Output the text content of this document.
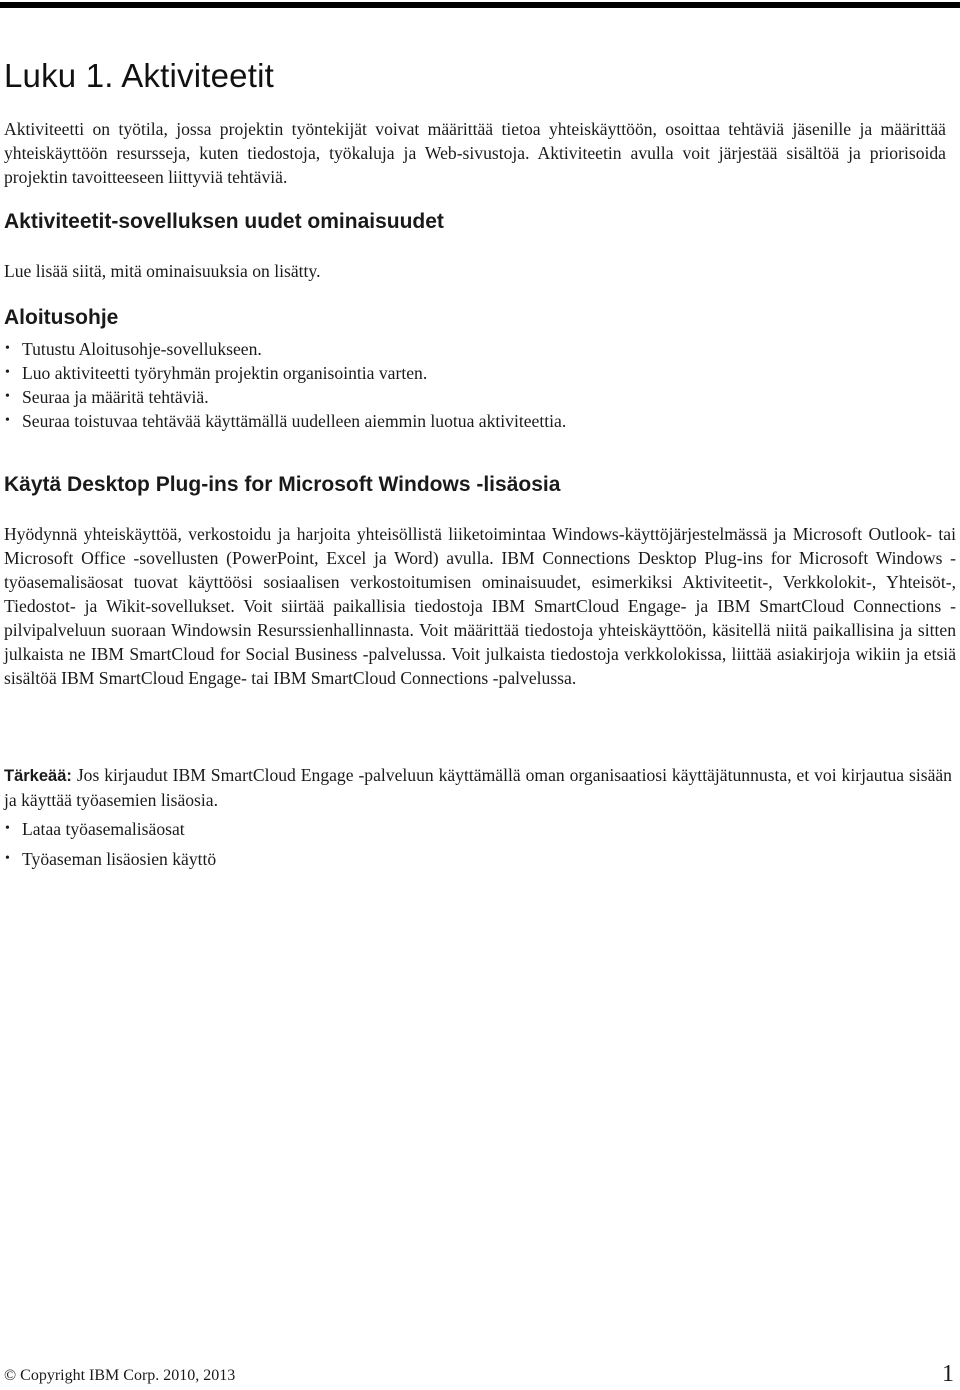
Luku 1. Aktiviteetit

Aktiviteetti on työtila, jossa projektin työntekijät voivat määrittää tietoa yhteiskäyttöön, osoittaa tehtäviä jäsenille ja määrittää yhteiskäyttöön resursseja, kuten tiedostoja, työkaluja ja Web-sivustoja. Aktiviteetin avulla voit järjestää sisältöä ja priorisoida projektin tavoitteeseen liittyviä tehtäviä.

Aktiviteetit-sovelluksen uudet ominaisuudet

Lue lisää siitä, mitä ominaisuuksia on lisätty.

Aloitusohje
• Tutustu Aloitusohje-sovellukseen.
• Luo aktiviteetti työryhmän projektin organisointia varten.
• Seuraa ja määritä tehtäviä.
• Seuraa toistuvaa tehtävää käyttämällä uudelleen aiemmin luotua aktiviteettia.
Käytä Desktop Plug-ins for Microsoft Windows -lisäosia

Hyödynnä yhteiskäyttöä, verkostoidu ja harjoita yhteisöllistä liiketoimintaa Windows-käyttöjärjestelmässä ja Microsoft Outlook- tai Microsoft Office -sovellusten (PowerPoint, Excel ja Word) avulla. IBM Connections Desktop Plug-ins for Microsoft Windows -työasemalisäosat tuovat käyttöösi sosiaalisen verkostoitumisen ominaisuudet, esimerkiksi Aktiviteetit-, Verkkolokit-, Yhteisöt-, Tiedostot- ja Wikit-sovellukset. Voit siirtää paikallisia tiedostoja IBM SmartCloud Engage- ja IBM SmartCloud Connections -pilvipalveluun suoraan Windowsin Resurssienhallinnasta. Voit määrittää tiedostoja yhteiskäyttöön, käsitellä niitä paikallisina ja sitten julkaista ne IBM SmartCloud for Social Business -palvelussa. Voit julkaista tiedostoja verkkolokissa, liittää asiakirjoja wikiin ja etsiä sisältöä IBM SmartCloud Engage- tai IBM SmartCloud Connections -palvelussa.

Tärkeää: Jos kirjaudut IBM SmartCloud Engage -palveluun käyttämällä oman organisaatiosi käyttäjätunnusta, et voi kirjautua sisään ja käyttää työasemien lisäosia.

• Lataa työasemalisäosat
• Työaseman lisäosien käyttö
© Copyright IBM Corp. 2010, 2013	1
